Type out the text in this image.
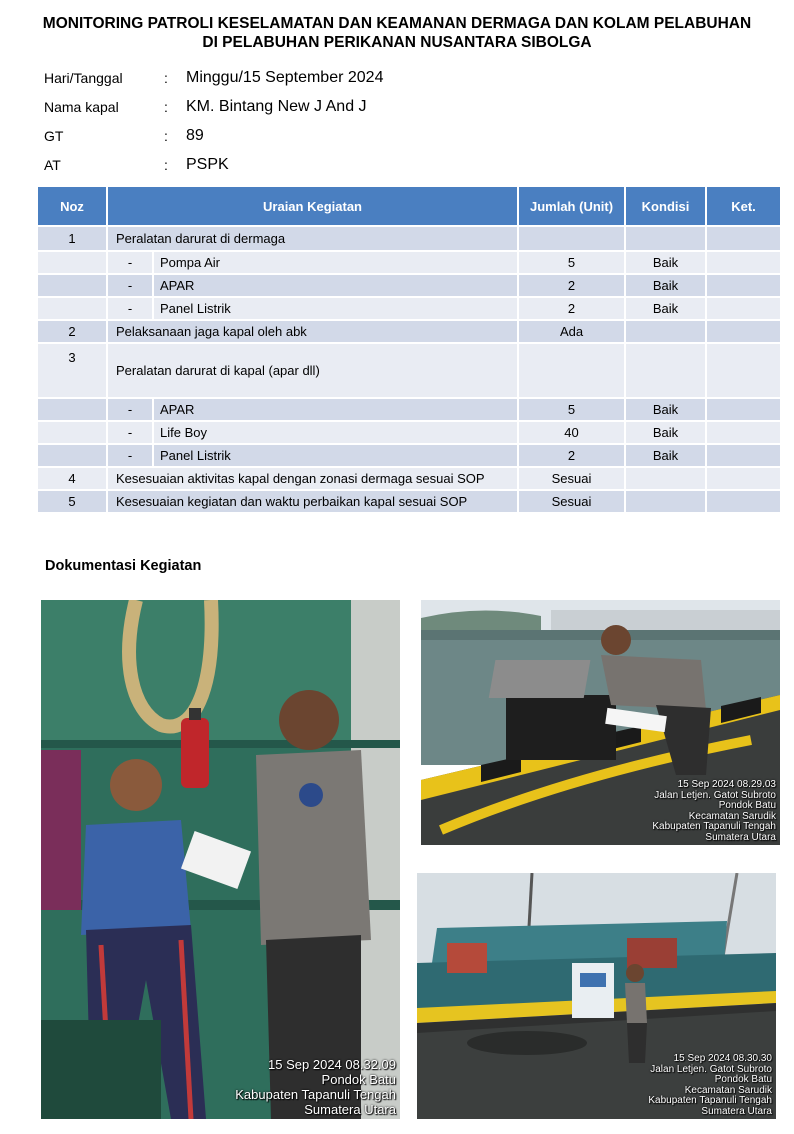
MONITORING PATROLI KESELAMATAN DAN KEAMANAN DERMAGA DAN KOLAM PELABUHAN
DI PELABUHAN PERIKANAN NUSANTARA SIBOLGA
Hari/Tanggal	: Minggu/15 September 2024
Nama kapal	: KM. Bintang New J And J
GT	: 89
AT	: PSPK
Noz	Uraian Kegiatan		Jumlah (Unit)	Kondisi	Ket.
1	Peralatan darurat di dermaga				
	-	Pompa Air	5	Baik	
	-	APAR	2	Baik	
	-	Panel Listrik	2	Baik	
2	Pelaksanaan jaga kapal oleh abk		Ada		
3	Peralatan darurat di kapal (apar dll)				
	-	APAR	5	Baik	
	-	Life Boy	40	Baik	
	-	Panel Listrik	2	Baik	
4	Kesesuaian aktivitas kapal dengan zonasi dermaga sesuai SOP		Sesuai		
5	Kesesuaian kegiatan dan waktu perbaikan kapal sesuai SOP		Sesuai		
Dokumentasi Kegiatan
15 Sep 2024 08.32.09
Pondok Batu
Kabupaten Tapanuli Tengah
Sumatera Utara
15 Sep 2024 08.29.03
Jalan Letjen. Gatot Subroto
Pondok Batu
Kecamatan Sarudik
Kabupaten Tapanuli Tengah
Sumatera Utara
15 Sep 2024 08.30.30
Jalan Letjen. Gatot Subroto
Pondok Batu
Kecamatan Sarudik
Kabupaten Tapanuli Tengah
Sumatera Utara
